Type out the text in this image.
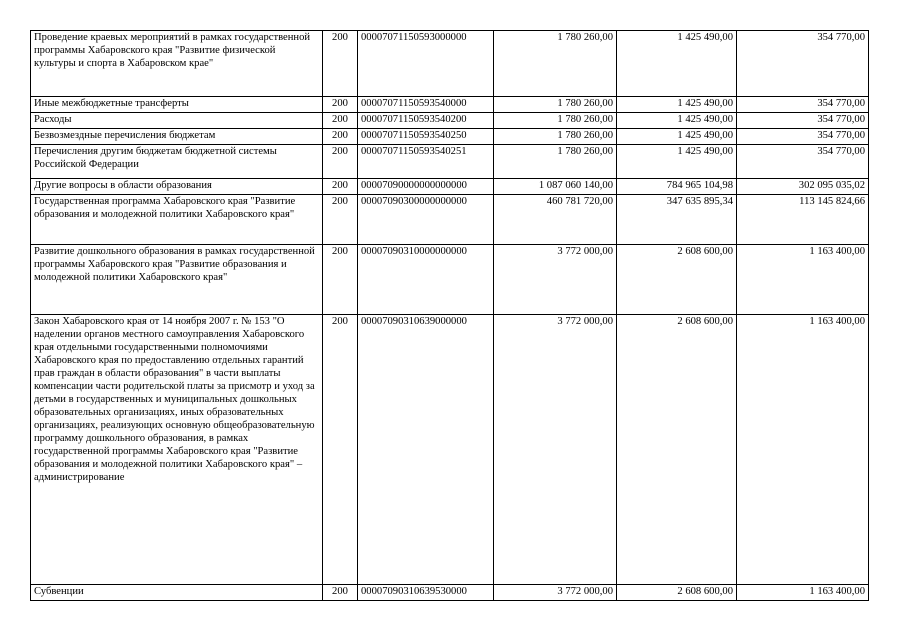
Проведение краевых мероприятий в рамках государственной программы Хабаровского края "Развитие физической культуры и спорта в Хабаровском крае"	200	00007071150593000000	1 780 260,00	1 425 490,00	354 770,00
Иные межбюджетные трансферты	200	00007071150593540000	1 780 260,00	1 425 490,00	354 770,00
Расходы	200	00007071150593540200	1 780 260,00	1 425 490,00	354 770,00
Безвозмездные перечисления бюджетам	200	00007071150593540250	1 780 260,00	1 425 490,00	354 770,00
Перечисления другим бюджетам бюджетной системы Российской Федерации	200	00007071150593540251	1 780 260,00	1 425 490,00	354 770,00
Другие вопросы в области образования	200	00007090000000000000	1 087 060 140,00	784 965 104,98	302 095 035,02
Государственная программа Хабаровского края "Развитие образования и молодежной политики Хабаровского края"	200	00007090300000000000	460 781 720,00	347 635 895,34	113 145 824,66
Развитие дошкольного образования в рамках государственной программы Хабаровского края "Развитие образования и молодежной политики Хабаровского края"	200	00007090310000000000	3 772 000,00	2 608 600,00	1 163 400,00
Закон Хабаровского края от 14 ноября 2007 г. № 153 "О наделении органов местного самоуправления Хабаровского края отдельными государственными полномочиями Хабаровского края по предоставлению отдельных гарантий прав граждан в области образования" в части выплаты компенсации части родительской платы за присмотр и уход за детьми в государственных и муниципальных дошкольных образовательных организациях, иных образовательных организациях, реализующих основную общеобразовательную программу дошкольного образования, в рамках государственной программы Хабаровского края "Развитие образования и молодежной политики Хабаровского края" – администрирование	200	00007090310639000000	3 772 000,00	2 608 600,00	1 163 400,00
Субвенции	200	00007090310639530000	3 772 000,00	2 608 600,00	1 163 400,00
